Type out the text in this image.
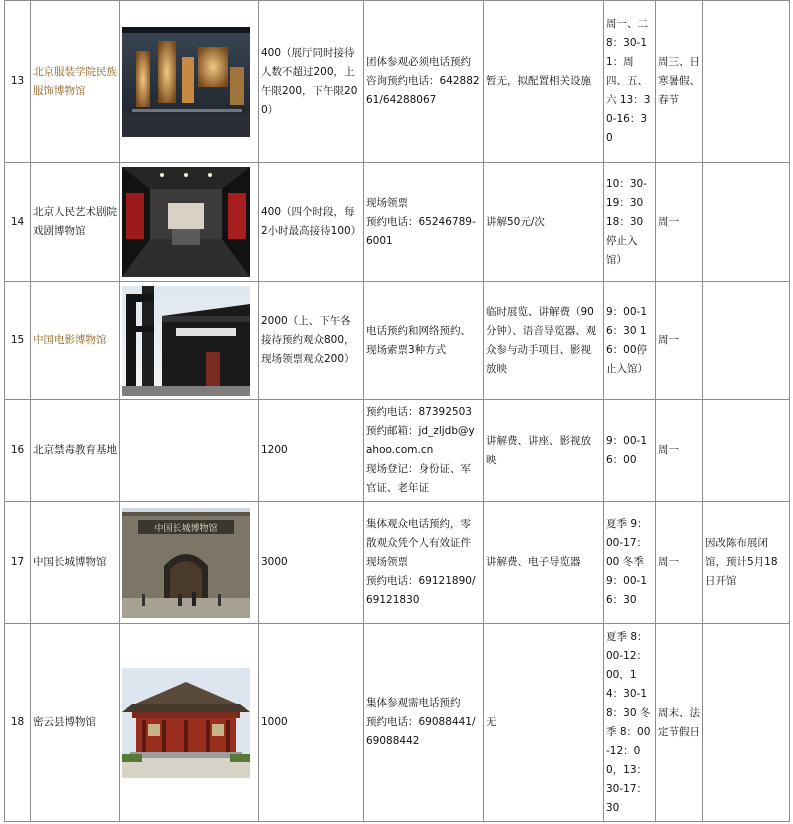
13	北京服装学院民族服饰博物馆		400（展厅同时接待人数不超过200，上午限200，下午限200）	团体参观必须电话预约
咨询预约电话：64288261/64288067	暂无，拟配置相关设施	周一、二 8：30-11：周四、五、六 13：30-16：30	周三、日 寒暑假、春节	
14	北京人民艺术剧院戏剧博物馆		400（四个时段，每2小时最高接待100）	现场领票
预约电话：65246789-6001	讲解50元/次	10：30-19：30 18：30停止入馆）	周一	
15	中国电影博物馆		2000（上、下午各接待预约观众800，现场领票观众200）	电话预约和网络预约、现场索票3种方式	临时展览、讲解费（90分钟）、语音导览器、观众参与动手项目、影视放映	9：00-16：30 16：00停止入馆）	周一	
16	北京禁毒教育基地		1200	预约电话：87392503
预约邮箱：jd_zljdb@yahoo.com.cn
现场登记：身份证、军官证、老年证	讲解费、讲座、影视放映	9：00-16：00	周一	
17	中国长城博物馆	中国长城博物馆	3000	集体观众电话预约，零散观众凭个人有效证件现场领票
预约电话：69121890/69121830	讲解费、电子导览器	夏季 9：00-17：00 冬季 9：00-16：30	周一	因改陈布展闭馆，预计5月18日开馆
18	密云县博物馆		1000	集体参观需电话预约
预约电话：69088441/69088442	无	夏季 8：00-12：00，14：30-18：30 冬季 8：00-12：00，13：30-17：30	周末、法定节假日	
